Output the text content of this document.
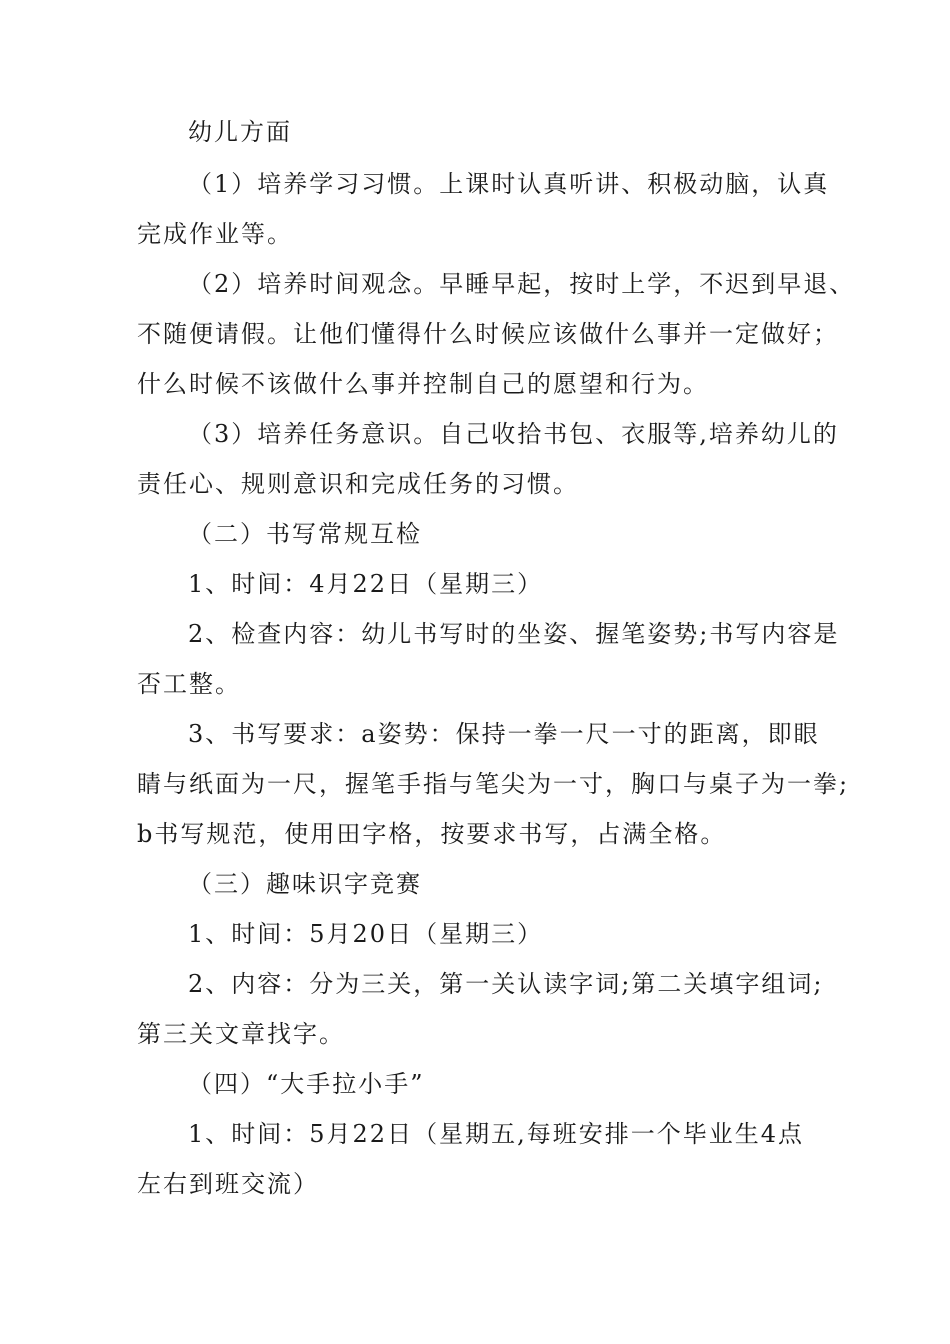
幼儿方面
（1）培养学习习惯。上课时认真听讲、积极动脑，认真
完成作业等。
（2）培养时间观念。早睡早起，按时上学，不迟到早退、
不随便请假。让他们懂得什么时候应该做什么事并一定做好；
什么时候不该做什么事并控制自己的愿望和行为。
（3）培养任务意识。自己收拾书包、衣服等,培养幼儿的
责任心、规则意识和完成任务的习惯。
（二）书写常规互检
1、时间：4月22日（星期三）
2、检查内容：幼儿书写时的坐姿、握笔姿势;书写内容是
否工整。
3、书写要求：a姿势：保持一拳一尺一寸的距离，即眼
睛与纸面为一尺，握笔手指与笔尖为一寸，胸口与桌子为一拳;
b书写规范，使用田字格，按要求书写，占满全格。
（三）趣味识字竞赛
1、时间：5月20日（星期三）
2、内容：分为三关，第一关认读字词;第二关填字组词;
第三关文章找字。
（四）“大手拉小手”
1、时间：5月22日（星期五,每班安排一个毕业生4点
左右到班交流）
